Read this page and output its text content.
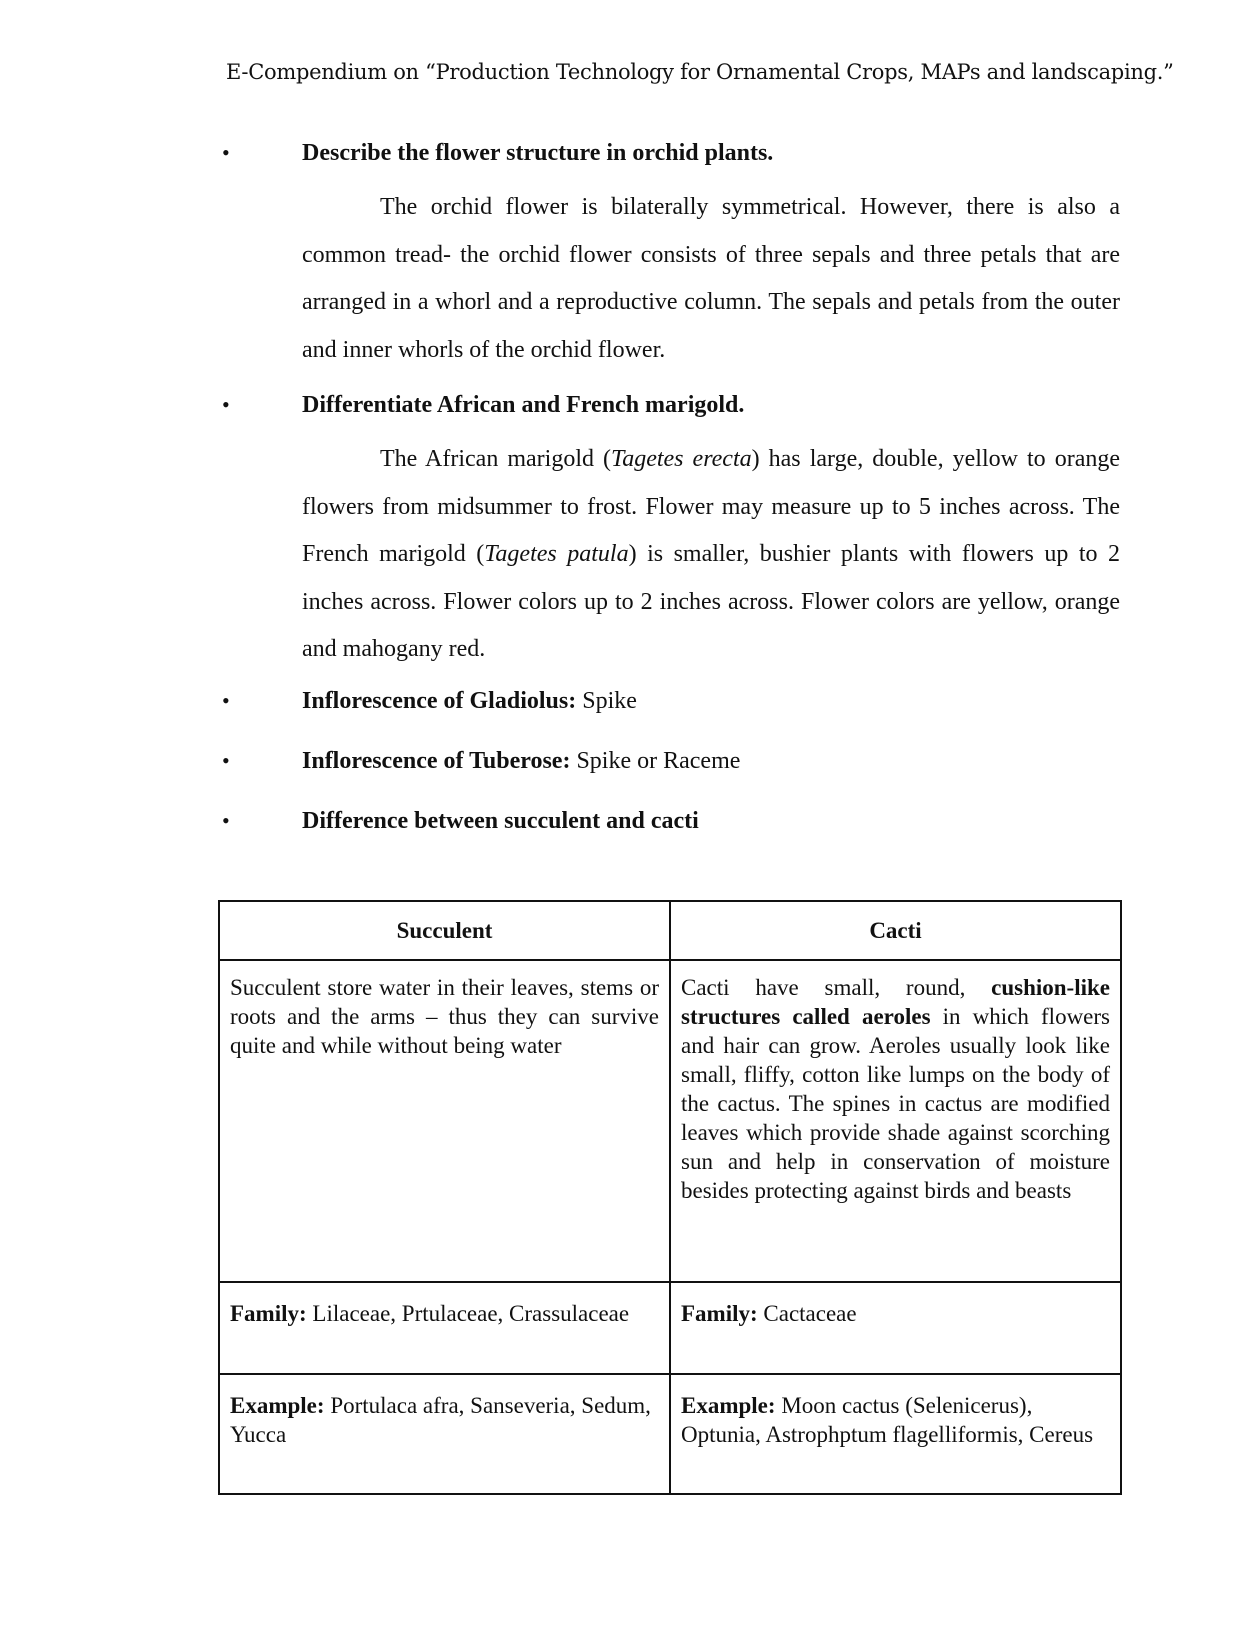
E-Compendium on “Production Technology for Ornamental Crops, MAPs and landscaping.”
•	Describe the flower structure in orchid plants.
The orchid flower is bilaterally symmetrical. However, there is also a common tread- the orchid flower consists of three sepals and three petals that are arranged in a whorl and a reproductive column. The sepals and petals from the outer and inner whorls of the orchid flower.
•	Differentiate African and French marigold.
The African marigold (Tagetes erecta) has large, double, yellow to orange flowers from midsummer to frost. Flower may measure up to 5 inches across. The French marigold (Tagetes patula) is smaller, bushier plants with flowers up to 2 inches across. Flower colors up to 2 inches across. Flower colors are yellow, orange and mahogany red.
•	Inflorescence of Gladiolus: Spike
•	Inflorescence of Tuberose: Spike or Raceme
•	Difference between succulent and cacti
Succulent	Cacti
Succulent store water in their leaves, stems or roots and the arms – thus they can survive quite and while without being water	Cacti have small, round, cushion-like structures called aeroles in which flowers and hair can grow. Aeroles usually look like small, fliffy, cotton like lumps on the body of the cactus. The spines in cactus are modified leaves which provide shade against scorching sun and help in conservation of moisture besides protecting against birds and beasts
Family: Lilaceae, Prtulaceae, Crassulaceae	Family: Cactaceae
Example: Portulaca afra, Sanseveria, Sedum, Yucca	Example: Moon cactus (Selenicerus), Optunia, Astrophptum flagelliformis, Cereus
